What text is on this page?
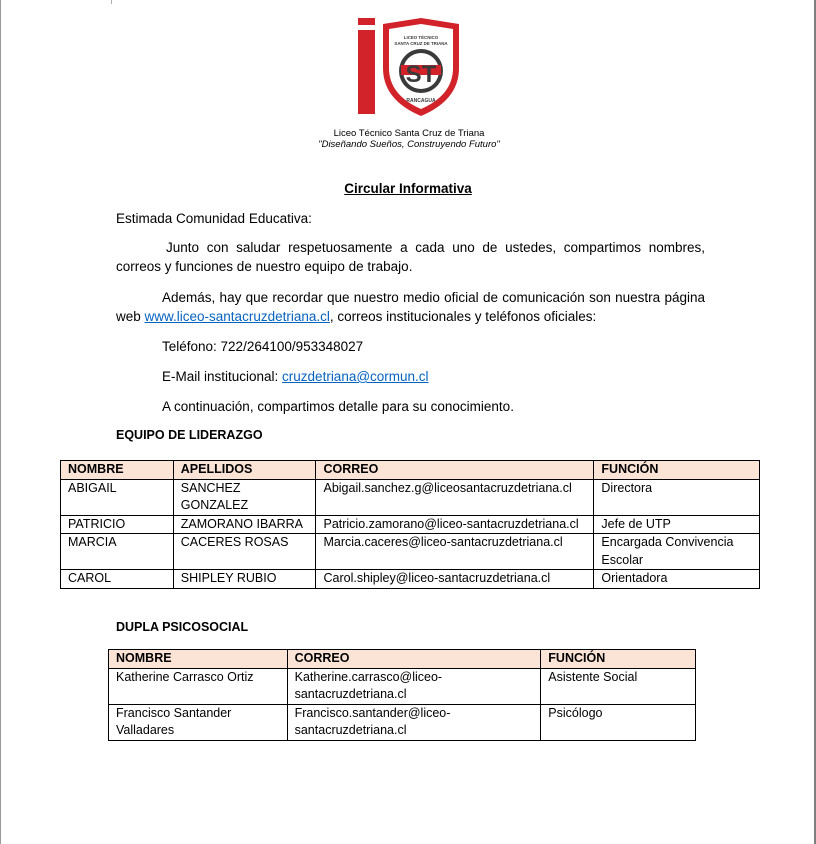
LICEO TÉCNICO
SANTA CRUZ DE TRIANA
ST
RANCAGUA
Liceo Técnico Santa Cruz de Triana
"Diseñando Sueños, Construyendo Futuro"
Circular Informativa
Estimada Comunidad Educativa:
Junto con saludar respetuosamente a cada uno de ustedes, compartimos nombres, correos y funciones de nuestro equipo de trabajo.
Además, hay que recordar que nuestro medio oficial de comunicación son nuestra página web www.liceo-santacruzdetriana.cl, correos institucionales y teléfonos oficiales:
Teléfono: 722/264100/953348027
E-Mail institucional: cruzdetriana@cormun.cl
A continuación, compartimos detalle para su conocimiento.
EQUIPO DE LIDERAZGO
NOMBRE	APELLIDOS	CORREO	FUNCIÓN
ABIGAIL	SANCHEZ GONZALEZ	Abigail.sanchez.g@liceosantacruzdetriana.cl	Directora
PATRICIO	ZAMORANO IBARRA	Patricio.zamorano@liceo-santacruzdetriana.cl	Jefe de UTP
MARCIA	CACERES ROSAS	Marcia.caceres@liceo-santacruzdetriana.cl	Encargada Convivencia Escolar
CAROL	SHIPLEY RUBIO	Carol.shipley@liceo-santacruzdetriana.cl	Orientadora
DUPLA PSICOSOCIAL
NOMBRE	CORREO	FUNCIÓN
Katherine Carrasco Ortiz	Katherine.carrasco@liceo-santacruzdetriana.cl	Asistente Social
Francisco Santander Valladares	Francisco.santander@liceo-santacruzdetriana.cl	Psicólogo
